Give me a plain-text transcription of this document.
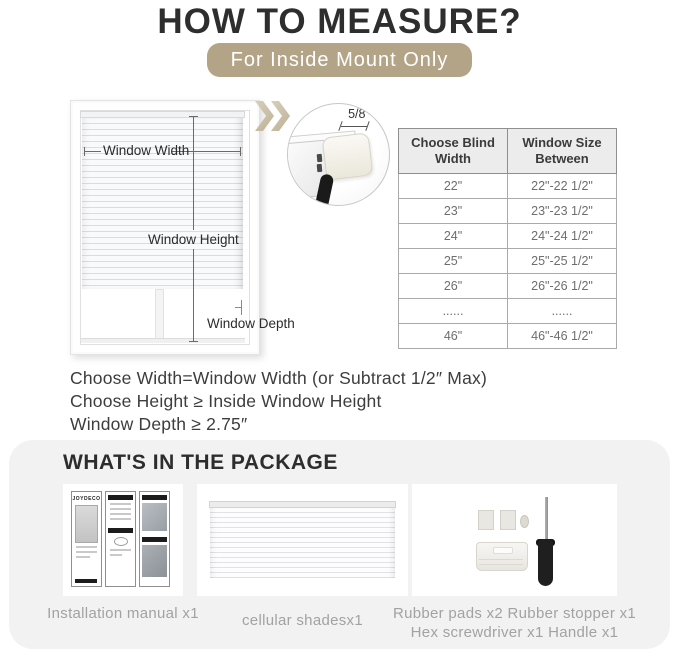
HOW TO MEASURE?
For Inside Mount Only
Window Width
Window Height
Window Depth
5/8"
Choose Blind Width	Window Size Between
22"	22"-22 1/2"
23"	23"-23 1/2"
24"	24"-24 1/2"
25"	25"-25 1/2"
26"	26"-26 1/2"
......	......
46"	46"-46 1/2"
Choose Width=Window Width (or Subtract 1/2″ Max)
Choose Height ≥ Inside Window Height
Window Depth ≥ 2.75″
WHAT'S IN THE PACKAGE
JOYDECO
Installation manual x1	cellular shadesx1	Rubber pads x2 Rubber stopper x1
Hex screwdriver x1 Handle x1
